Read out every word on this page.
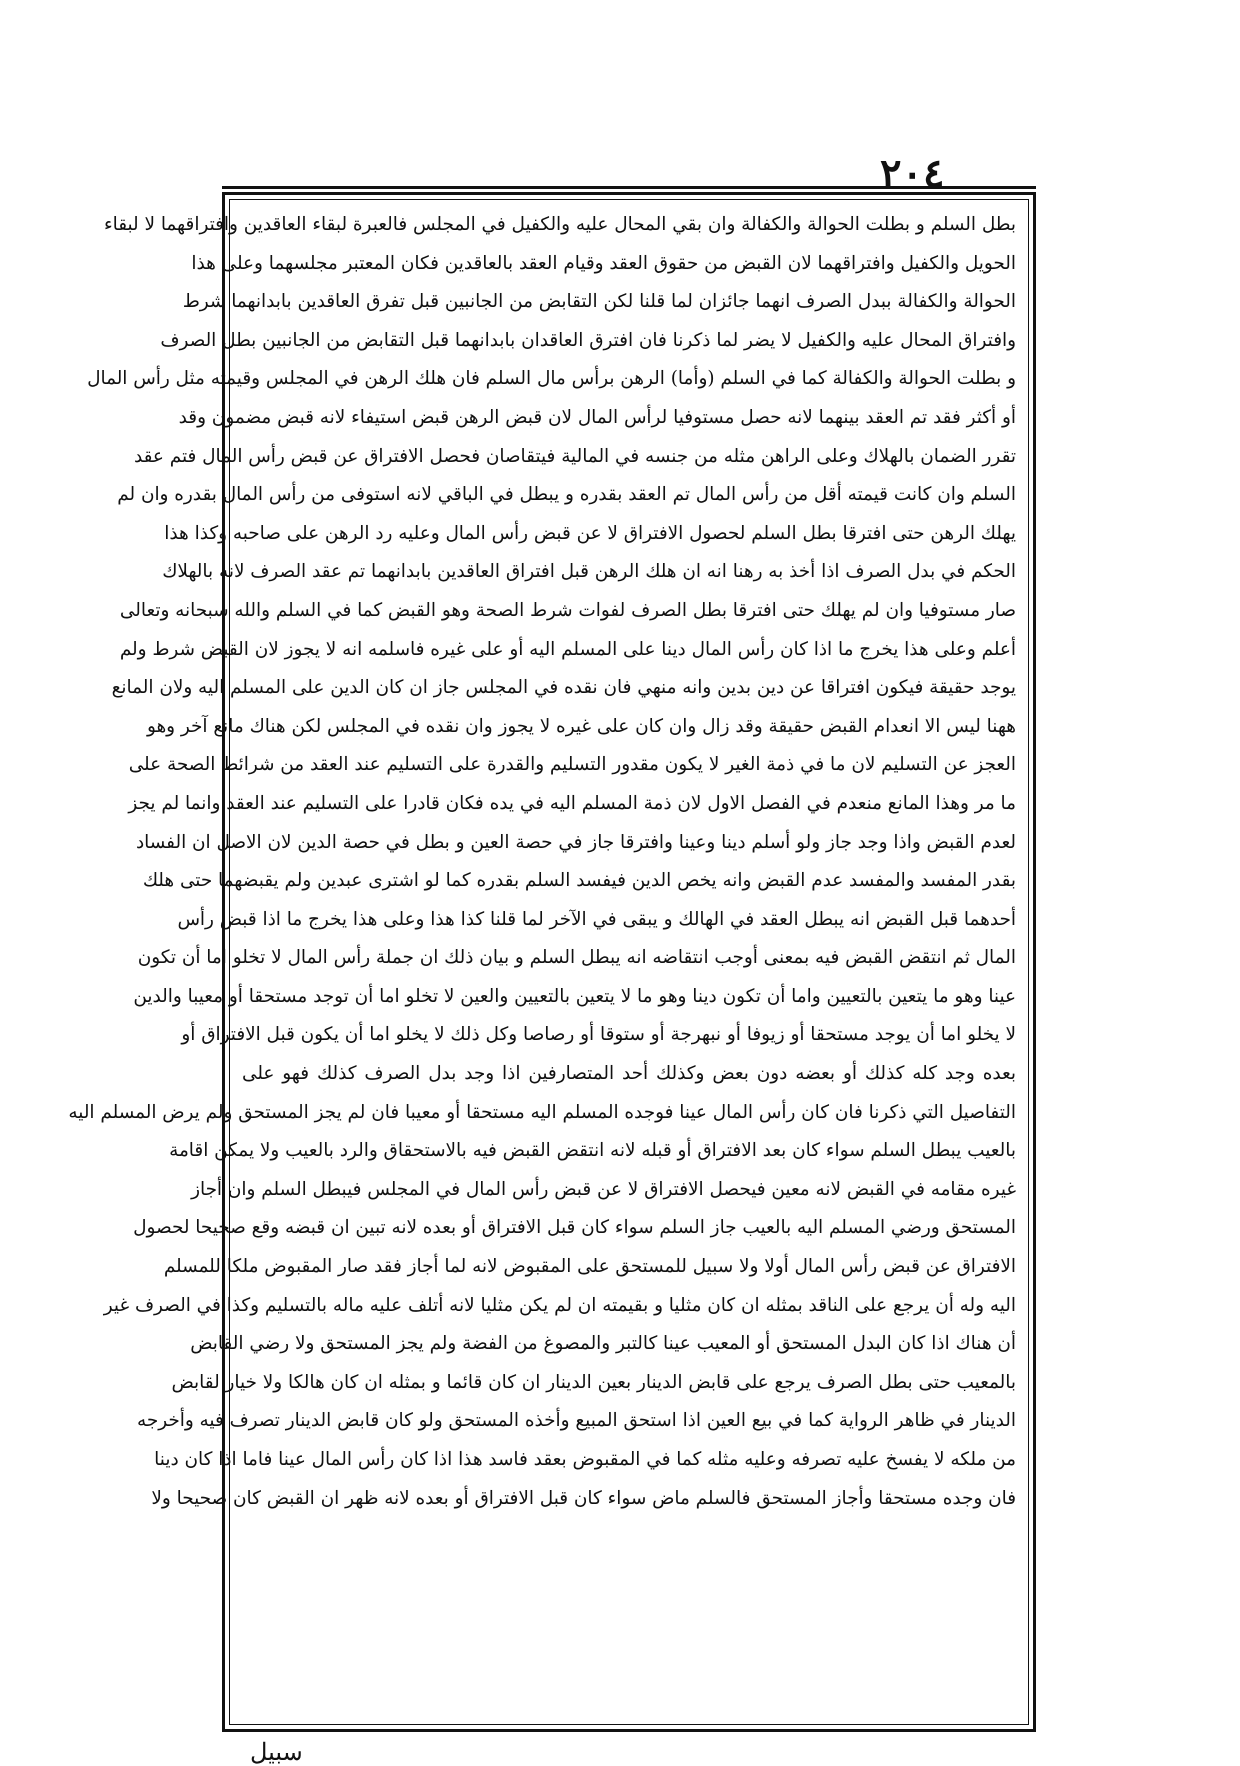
٢٠٤
بطل السلم و بطلت الحوالة والكفالة وان بقي المحال عليه والكفيل في المجلس فالعبرة لبقاء العاقدين وافتراقهما لا لبقاء
الحويل والكفيل وافتراقهما لان القبض من حقوق العقد وقيام العقد بالعاقدين فكان المعتبر مجلسهما وعلى هذا
الحوالة والكفالة ببدل الصرف انهما جائزان لما قلنا لكن التقابض من الجانبين قبل تفرق العاقدين بابدانهما شرط
وافتراق المحال عليه والكفيل لا يضر لما ذكرنا فان افترق العاقدان بابدانهما قبل التقابض من الجانبين بطل الصرف
و بطلت الحوالة والكفالة كما في السلم (وأما) الرهن برأس مال السلم فان هلك الرهن في المجلس وقيمته مثل رأس المال
أو أكثر فقد تم العقد بينهما لانه حصل مستوفيا لرأس المال لان قبض الرهن قبض استيفاء لانه قبض مضمون وقد
تقرر الضمان بالهلاك وعلى الراهن مثله من جنسه في المالية فيتقاصان فحصل الافتراق عن قبض رأس المال فتم عقد
السلم وان كانت قيمته أقل من رأس المال تم العقد بقدره و يبطل في الباقي لانه استوفى من رأس المال بقدره وان لم
يهلك الرهن حتى افترقا بطل السلم لحصول الافتراق لا عن قبض رأس المال وعليه رد الرهن على صاحبه وكذا هذا
الحكم في بدل الصرف اذا أخذ به رهنا انه ان هلك الرهن قبل افتراق العاقدين بابدانهما تم عقد الصرف لانه بالهلاك
صار مستوفيا وان لم يهلك حتى افترقا بطل الصرف لفوات شرط الصحة وهو القبض كما في السلم والله سبحانه وتعالى
أعلم وعلى هذا يخرج ما اذا كان رأس المال دينا على المسلم اليه أو على غيره فاسلمه انه لا يجوز لان القبض شرط ولم
يوجد حقيقة فيكون افتراقا عن دين بدين وانه منهي فان نقده في المجلس جاز ان كان الدين على المسلم اليه ولان المانع
ههنا ليس الا انعدام القبض حقيقة وقد زال وان كان على غيره لا يجوز وان نقده في المجلس لكن هناك مانع آخر وهو
العجز عن التسليم لان ما في ذمة الغير لا يكون مقدور التسليم والقدرة على التسليم عند العقد من شرائط الصحة على
ما مر وهذا المانع منعدم في الفصل الاول لان ذمة المسلم اليه في يده فكان قادرا على التسليم عند العقد وانما لم يجز
لعدم القبض واذا وجد جاز ولو أسلم دينا وعينا وافترقا جاز في حصة العين و بطل في حصة الدين لان الاصل ان الفساد
بقدر المفسد والمفسد عدم القبض وانه يخص الدين فيفسد السلم بقدره كما لو اشترى عبدين ولم يقبضهما حتى هلك
أحدهما قبل القبض انه يبطل العقد في الهالك و يبقى في الآخر لما قلنا كذا هذا وعلى هذا يخرج ما اذا قبض رأس
المال ثم انتقض القبض فيه بمعنى أوجب انتقاضه انه يبطل السلم و بيان ذلك ان جملة رأس المال لا تخلو اما أن تكون
عينا وهو ما يتعين بالتعيين واما أن تكون دينا وهو ما لا يتعين بالتعيين والعين لا تخلو اما أن توجد مستحقا أو معيبا والدين
لا يخلو اما أن يوجد مستحقا أو زيوفا أو نبهرجة أو ستوقا أو رصاصا وكل ذلك لا يخلو اما أن يكون قبل الافتراق أو
بعده وجد كله كذلك أو بعضه دون بعض وكذلك أحد المتصارفين اذا وجد بدل الصرف كذلك فهو على
التفاصيل التي ذكرنا فان كان رأس المال عينا فوجده المسلم اليه مستحقا أو معيبا فان لم يجز المستحق ولم يرض المسلم اليه
بالعيب يبطل السلم سواء كان بعد الافتراق أو قبله لانه انتقض القبض فيه بالاستحقاق والرد بالعيب ولا يمكن اقامة
غيره مقامه في القبض لانه معين فيحصل الافتراق لا عن قبض رأس المال في المجلس فيبطل السلم وان أجاز
المستحق ورضي المسلم اليه بالعيب جاز السلم سواء كان قبل الافتراق أو بعده لانه تبين ان قبضه وقع صحيحا لحصول
الافتراق عن قبض رأس المال أولا ولا سبيل للمستحق على المقبوض لانه لما أجاز فقد صار المقبوض ملكا للمسلم
اليه وله أن يرجع على الناقد بمثله ان كان مثليا و بقيمته ان لم يكن مثليا لانه أتلف عليه ماله بالتسليم وكذا في الصرف غير
أن هناك اذا كان البدل المستحق أو المعيب عينا كالتبر والمصوغ من الفضة ولم يجز المستحق ولا رضي القابض
بالمعيب حتى بطل الصرف يرجع على قابض الدينار بعين الدينار ان كان قائما و بمثله ان كان هالكا ولا خيار لقابض
الدينار في ظاهر الرواية كما في بيع العين اذا استحق المبيع وأخذه المستحق ولو كان قابض الدينار تصرف فيه وأخرجه
من ملكه لا يفسخ عليه تصرفه وعليه مثله كما في المقبوض بعقد فاسد هذا اذا كان رأس المال عينا فاما اذا كان دينا
فان وجده مستحقا وأجاز المستحق فالسلم ماض سواء كان قبل الافتراق أو بعده لانه ظهر ان القبض كان صحيحا ولا
سبيل
